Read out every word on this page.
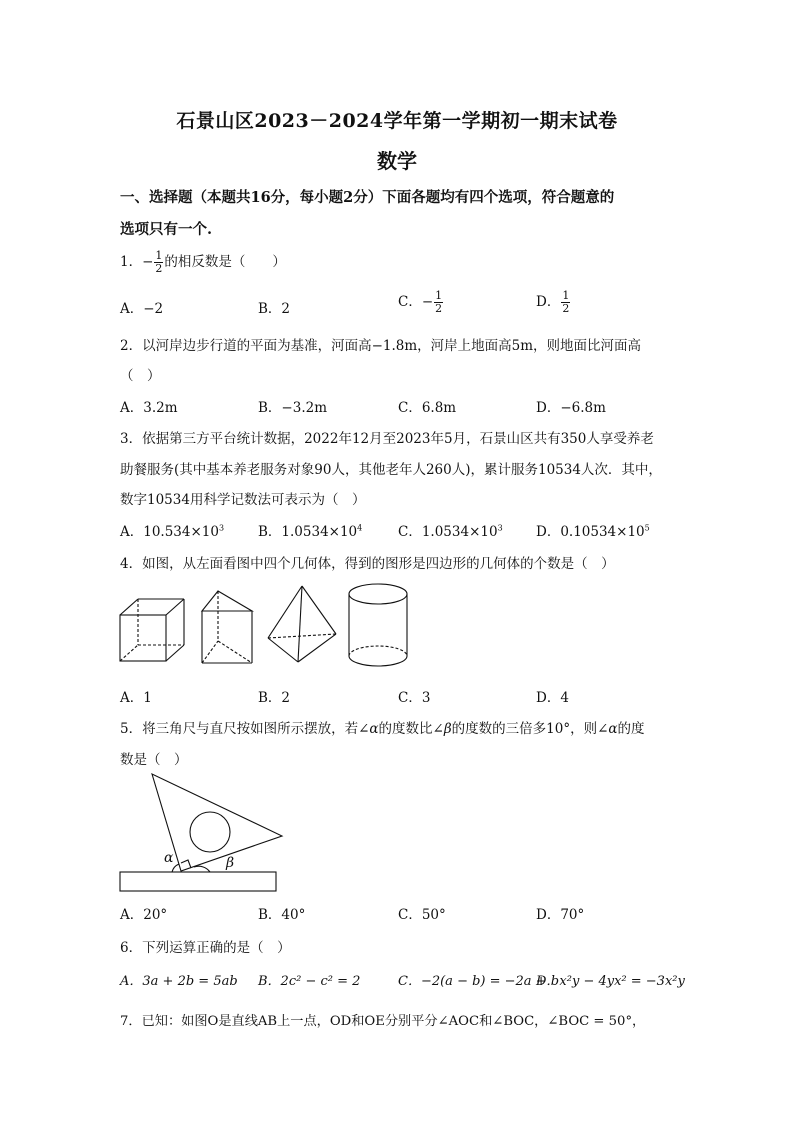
石景山区2023－2024学年第一学期初一期末试卷
数学
一、选择题（本题共16分，每小题2分）下面各题均有四个选项，符合题意的
选项只有一个.
1．− $\frac{1}{2}$ 的相反数是（　　）
A．−2	B．2	C．− $\frac{1}{2}$	D． $\frac{1}{2}$
2．以河岸边步行道的平面为基准，河面高−1.8m，河岸上地面高5m，则地面比河面高
（　）
A．3.2m	B．−3.2m	C．6.8m	D．−6.8m
3．依据第三方平台统计数据，2022年12月至2023年5月，石景山区共有350人享受养老
助餐服务(其中基本养老服务对象90人，其他老年人260人)，累计服务10534人次．其中，
数字10534用科学记数法可表示为（　）
A．$10.534\times 10^3$	B．$1.0534\times 10^4$	C．$1.0534\times 10^3$ D．$0.10534\times 10^5$
4．如图，从左面看图中四个几何体，得到的图形是四边形的几何体的个数是（　）
A．1	B．2	C．3	D．4
5．将三角尺与直尺按如图所示摆放，若∠α的度数比∠β的度数的三倍多10°，则∠α的度
数是（　）
α	β
A．20°	B．40°	C．50°	D．70°
6．下列运算正确的是（　）
A．3a + 2b = 5ab B．2c² − c² = 2	C．−2(a − b) = −2a + b
D．x²y − 4yx² = −3x²y
7．已知：如图O是直线AB上一点，OD和OE分别平分∠AOC和∠BOC，∠BOC = 50°，
